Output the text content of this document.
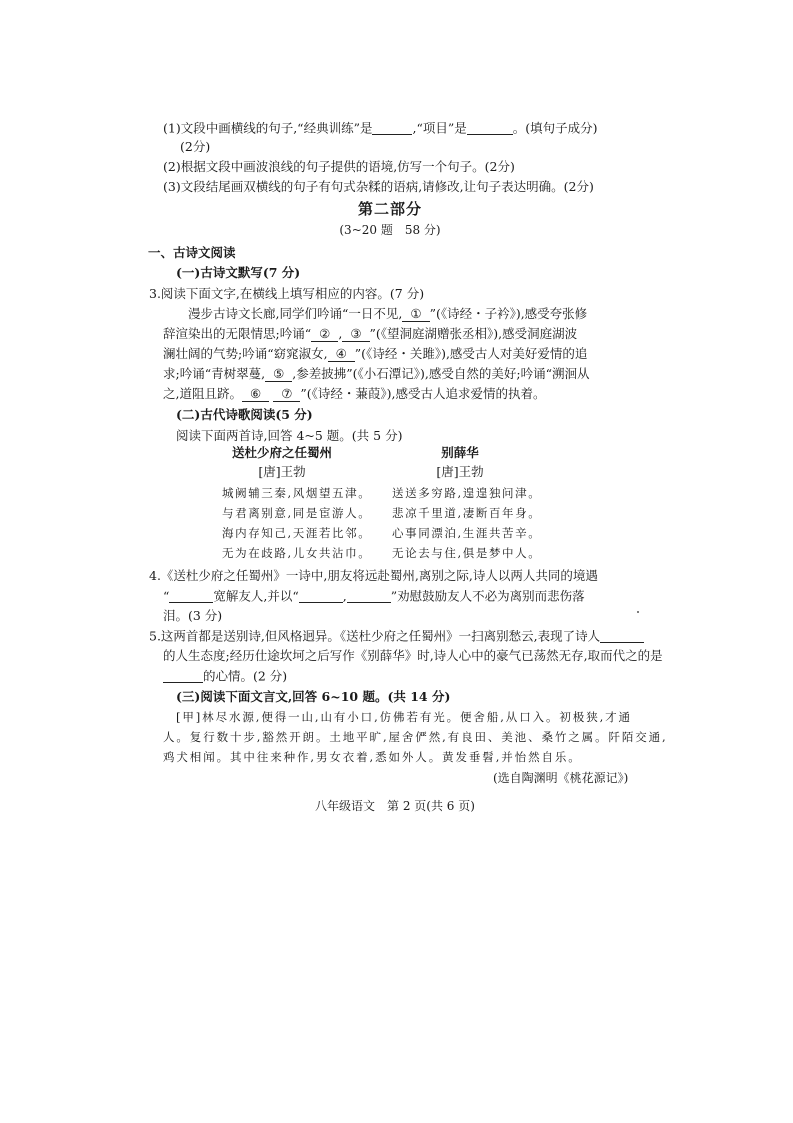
(1)文段中画横线的句子,“经典训练”是	,“项目”是	。(填句子成分)
(2分)
(2)根据文段中画波浪线的句子提供的语境,仿写一个句子。(2分)
(3)文段结尾画双横线的句子有句式杂糅的语病,请修改,让句子表达明确。(2分)
第二部分
(3~20 题　58 分)
一、古诗文阅读
(一)古诗文默写(7 分)
3.阅读下面文字,在横线上填写相应的内容。(7 分)
漫步古诗文长廊,同学们吟诵“一日不见, ① ”(《诗经・子衿》),感受夸张修
辞渲染出的无限情思;吟诵“ ② , ③ ”(《望洞庭湖赠张丞相》),感受洞庭湖波
澜壮阔的气势;吟诵“窈窕淑女, ④ ”(《诗经・关雎》),感受古人对美好爱情的追
求;吟诵“青树翠蔓, ⑤ ,参差披拂”(《小石潭记》),感受自然的美好;吟诵“溯洄从
之,道阻且跻。 ⑥ ⑦ ”(《诗经・蒹葭》),感受古人追求爱情的执着。
(二)古代诗歌阅读(5 分)
阅读下面两首诗,回答 4~5 题。(共 5 分)
送杜少府之任蜀州
[唐]王勃
城阙辅三秦,风烟望五津。
与君离别意,同是宦游人。
海内存知己,天涯若比邻。
无为在歧路,儿女共沾巾。
别薛华
[唐]王勃
送送多穷路,遑遑独问津。
悲凉千里道,凄断百年身。
心事同漂泊,生涯共苦辛。
无论去与住,俱是梦中人。
4.《送杜少府之任蜀州》一诗中,朋友将远赴蜀州,离别之际,诗人以两人共同的境遇
“	宽解友人,并以“	,	”劝慰鼓励友人不必为离别而悲伤落
泪。(3 分)
5.这两首都是送别诗,但风格迥异。《送杜少府之任蜀州》一扫离别愁云,表现了诗人
的人生态度;经历仕途坎坷之后写作《别薛华》时,诗人心中的豪气已荡然无存,取而代之的是
的心情。(2 分)
(三)阅读下面文言文,回答 6~10 题。(共 14 分)
[甲]林尽水源,便得一山,山有小口,仿佛若有光。便舍船,从口入。初极狭,才通
人。复行数十步,豁然开朗。土地平旷,屋舍俨然,有良田、美池、桑竹之属。阡陌交通,
鸡犬相闻。其中往来种作,男女衣着,悉如外人。黄发垂髫,并怡然自乐。
(选自陶渊明《桃花源记》)
八年级语文　第 2 页(共 6 页)
